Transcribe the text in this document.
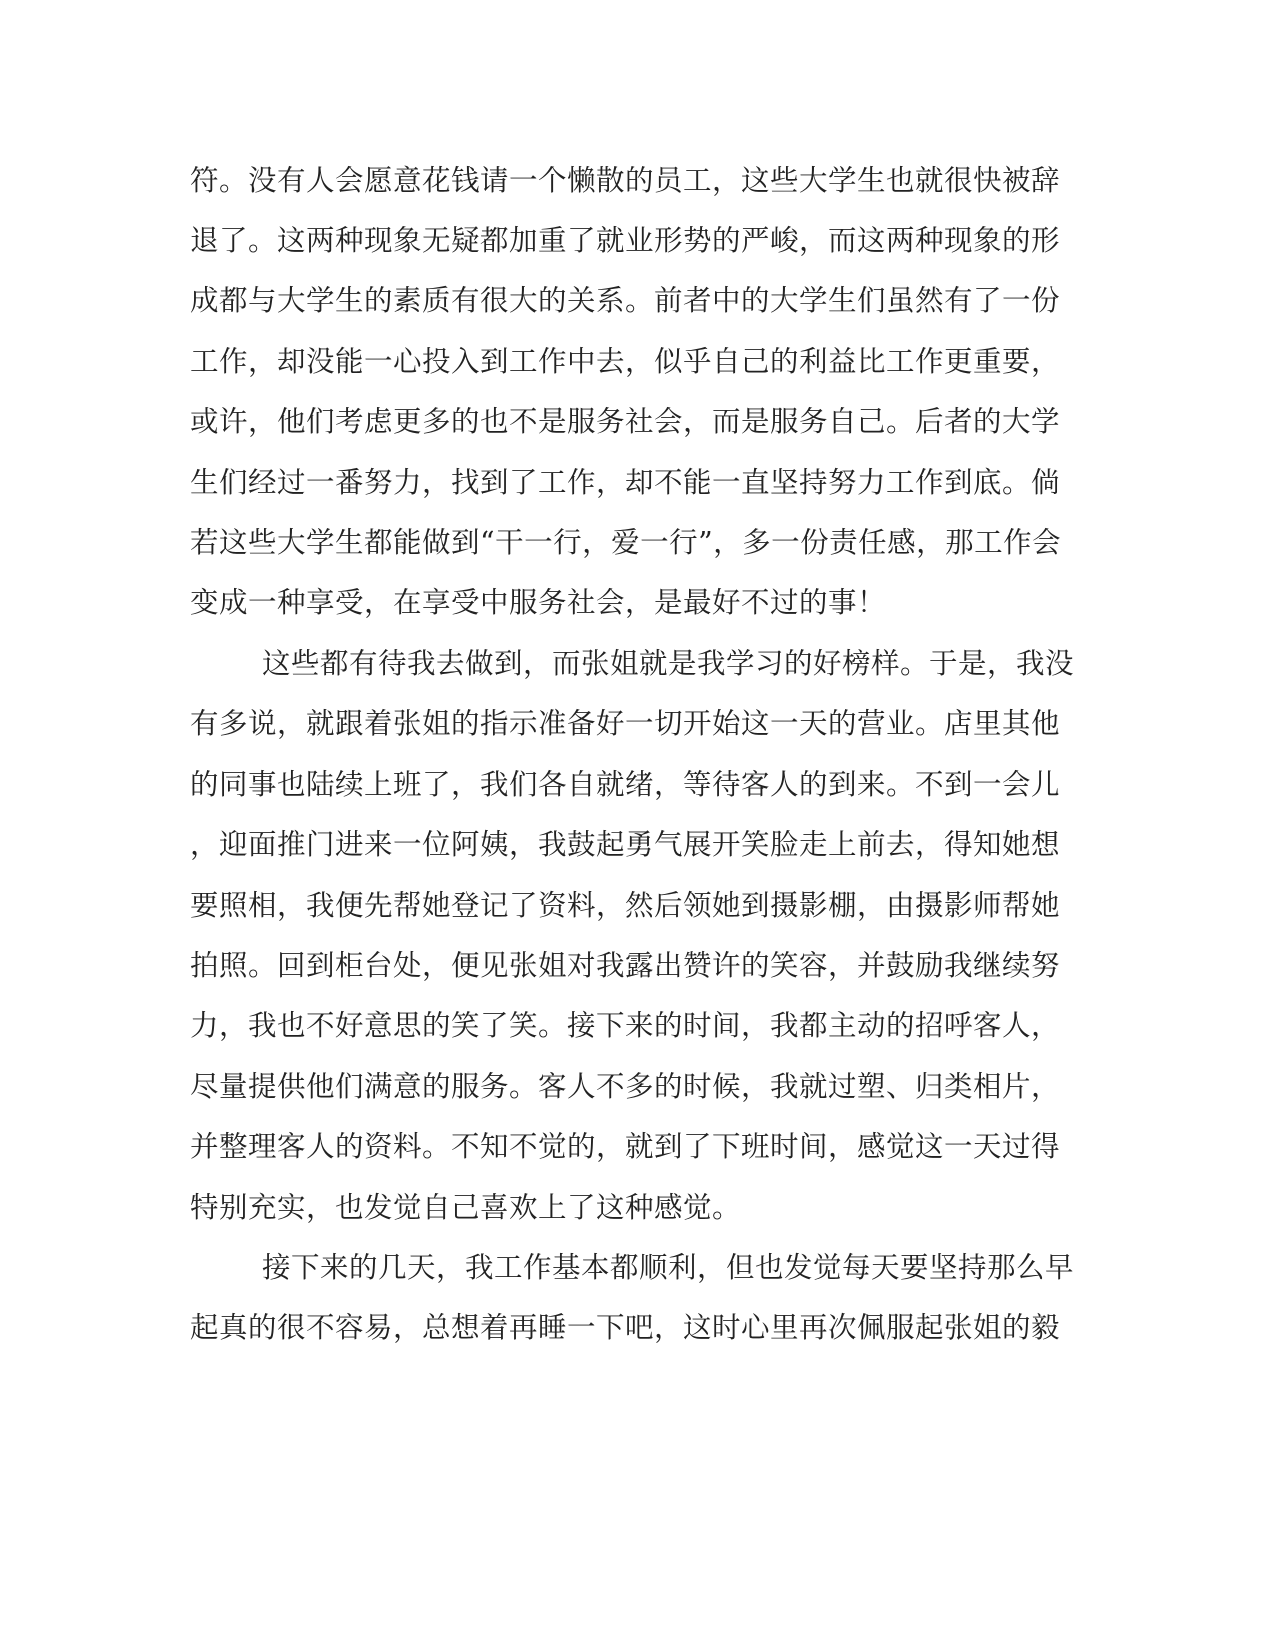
符。没有人会愿意花钱请一个懒散的员工，这些大学生也就很快被辞
退了。这两种现象无疑都加重了就业形势的严峻，而这两种现象的形
成都与大学生的素质有很大的关系。前者中的大学生们虽然有了一份
工作，却没能一心投入到工作中去，似乎自己的利益比工作更重要，
或许，他们考虑更多的也不是服务社会，而是服务自己。后者的大学
生们经过一番努力，找到了工作，却不能一直坚持努力工作到底。倘
若这些大学生都能做到“干一行，爱一行”，多一份责任感，那工作会
变成一种享受，在享受中服务社会，是最好不过的事！
这些都有待我去做到，而张姐就是我学习的好榜样。于是，我没
有多说，就跟着张姐的指示准备好一切开始这一天的营业。店里其他
的同事也陆续上班了，我们各自就绪，等待客人的到来。不到一会儿
，迎面推门进来一位阿姨，我鼓起勇气展开笑脸走上前去，得知她想
要照相，我便先帮她登记了资料，然后领她到摄影棚，由摄影师帮她
拍照。回到柜台处，便见张姐对我露出赞许的笑容，并鼓励我继续努
力，我也不好意思的笑了笑。接下来的时间，我都主动的招呼客人，
尽量提供他们满意的服务。客人不多的时候，我就过塑、归类相片，
并整理客人的资料。不知不觉的，就到了下班时间，感觉这一天过得
特别充实，也发觉自己喜欢上了这种感觉。
接下来的几天，我工作基本都顺利，但也发觉每天要坚持那么早
起真的很不容易，总想着再睡一下吧，这时心里再次佩服起张姐的毅
